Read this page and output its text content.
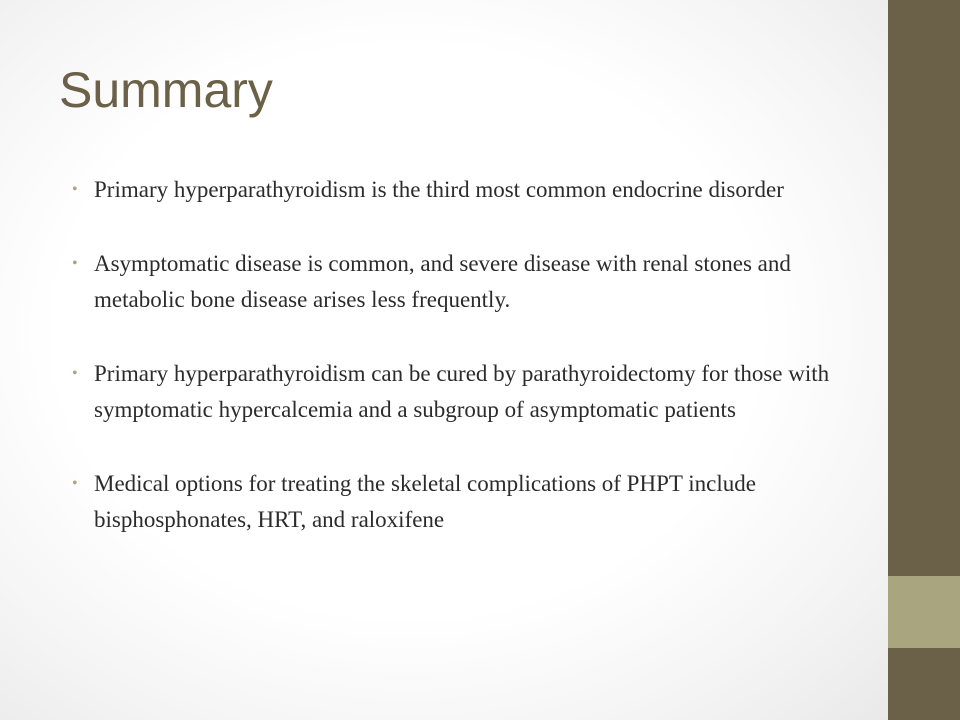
Summary
• Primary hyperparathyroidism is the third most common endocrine disorder
• Asymptomatic disease is common, and severe disease with renal stones and metabolic bone disease arises less frequently.
• Primary hyperparathyroidism can be cured by parathyroidectomy for those with symptomatic hypercalcemia and a subgroup of asymptomatic patients
• Medical options for treating the skeletal complications of PHPT include bisphosphonates, HRT, and raloxifene
